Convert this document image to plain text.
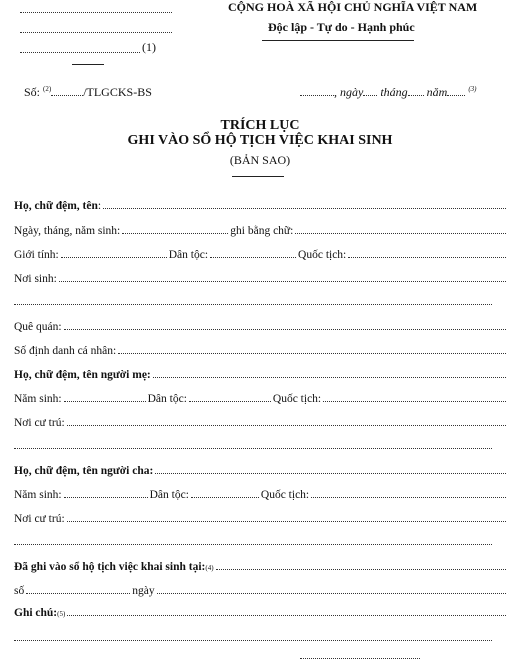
(1)
CỘNG HOÀ XÃ HỘI CHỦ NGHĨA VIỆT NAM
Độc lập - Tự do - Hạnh phúc
Số: $^{(2)}$	/TLGCKS-BS	, ngày tháng năm	$^{(3)}$
TRÍCH LỤC
GHI VÀO SỔ HỘ TỊCH VIỆC KHAI SINH
(BẢN SAO)
Họ, chữ đệm, tên :
Ngày, tháng, năm sinh:	ghi bằng chữ:
Giới tính:	Dân tộc:	Quốc tịch:
Nơi sinh:
Quê quán:
Số định danh cá nhân:
Họ, chữ đệm, tên người mẹ:
Năm sinh:	Dân tộc:	Quốc tịch:
Nơi cư trú:
Họ, chữ đệm, tên người cha:
Năm sinh:	Dân tộc:	Quốc tịch:
Nơi cư trú:
Đã ghi vào sổ hộ tịch việc khai sinh tại: (4)
số	ngày
Ghi chú: (5)
